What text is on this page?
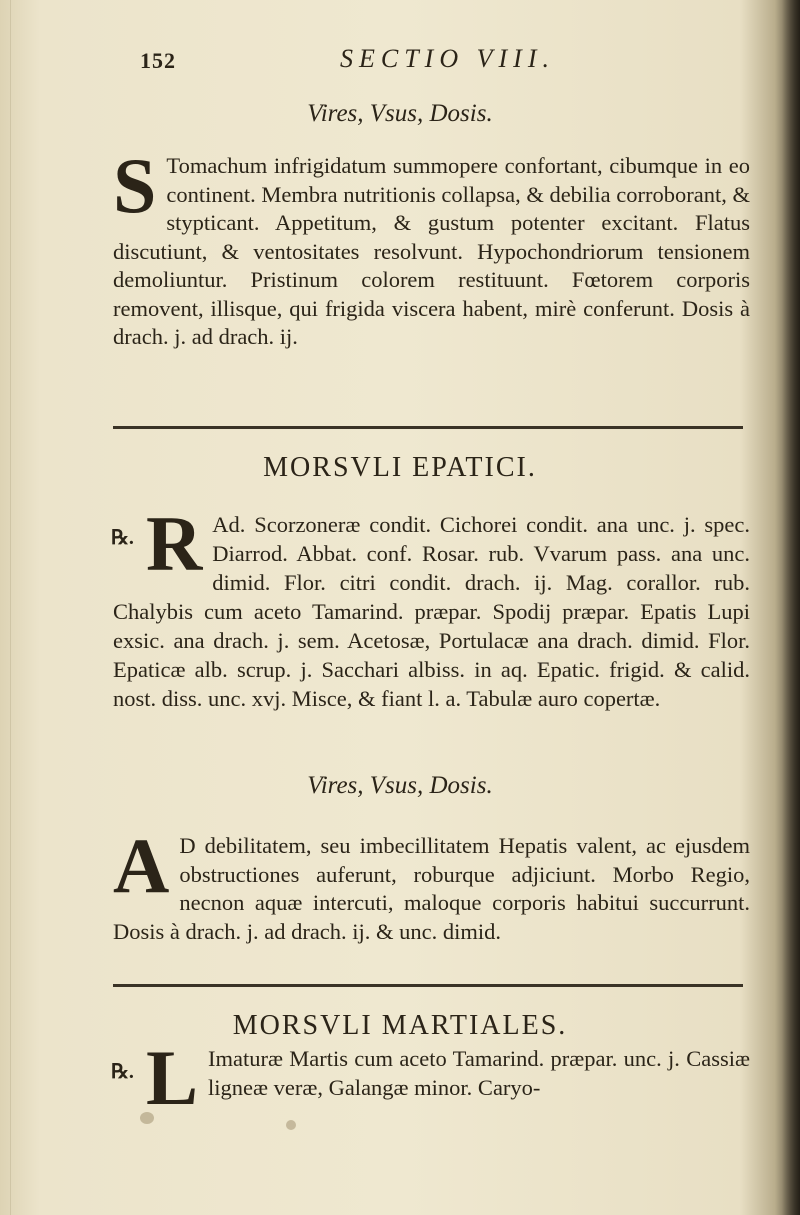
152	SECTIO VIII.
Vires, Vsus, Dosis.
S Tomachum infrigidatum summopere confortant, cibumque in eo continent. Membra nutritionis collapsa, & debilia corroborant, & stypticant. Appetitum, & gustum potenter excitant. Flatus discutiunt, & ventositates resolvunt. Hypochondriorum tensionem demoliuntur. Pristinum colorem restituunt. Fœtorem corporis removent, illisque, qui frigida viscera habent, mirè conferunt. Dosis à drach. j. ad drach. ij.
MORSVLI EPATICI.
℞. R Ad. Scorzoneræ condit. Cichorei condit. ana unc. j. spec. Diarrod. Abbat. conf. Rosar. rub. Vvarum pass. ana unc. dimid. Flor. citri condit. drach. ij. Mag. corallor. rub. Chalybis cum aceto Tamarind. præpar. Spodij præpar. Epatis Lupi exsic. ana drach. j. sem. Acetosæ, Portulacæ ana drach. dimid. Flor. Epaticæ alb. scrup. j. Sacchari albiss. in aq. Epatic. frigid. & calid. nost. diss. unc. xvj. Misce, & fiant l. a. Tabulæ auro copertæ.
Vires, Vsus, Dosis.
A D debilitatem, seu imbecillitatem Hepatis valent, ac ejusdem obstructiones auferunt, roburque adjiciunt. Morbo Regio, necnon aquæ intercuti, maloque corporis habitui succurrunt. Dosis à drach. j. ad drach. ij. & unc. dimid.
MORSVLI MARTIALES.
℞. L Imaturæ Martis cum aceto Tamarind. præpar. unc. j. Cassiæ ligneæ veræ, Galangæ minor. Caryo-
